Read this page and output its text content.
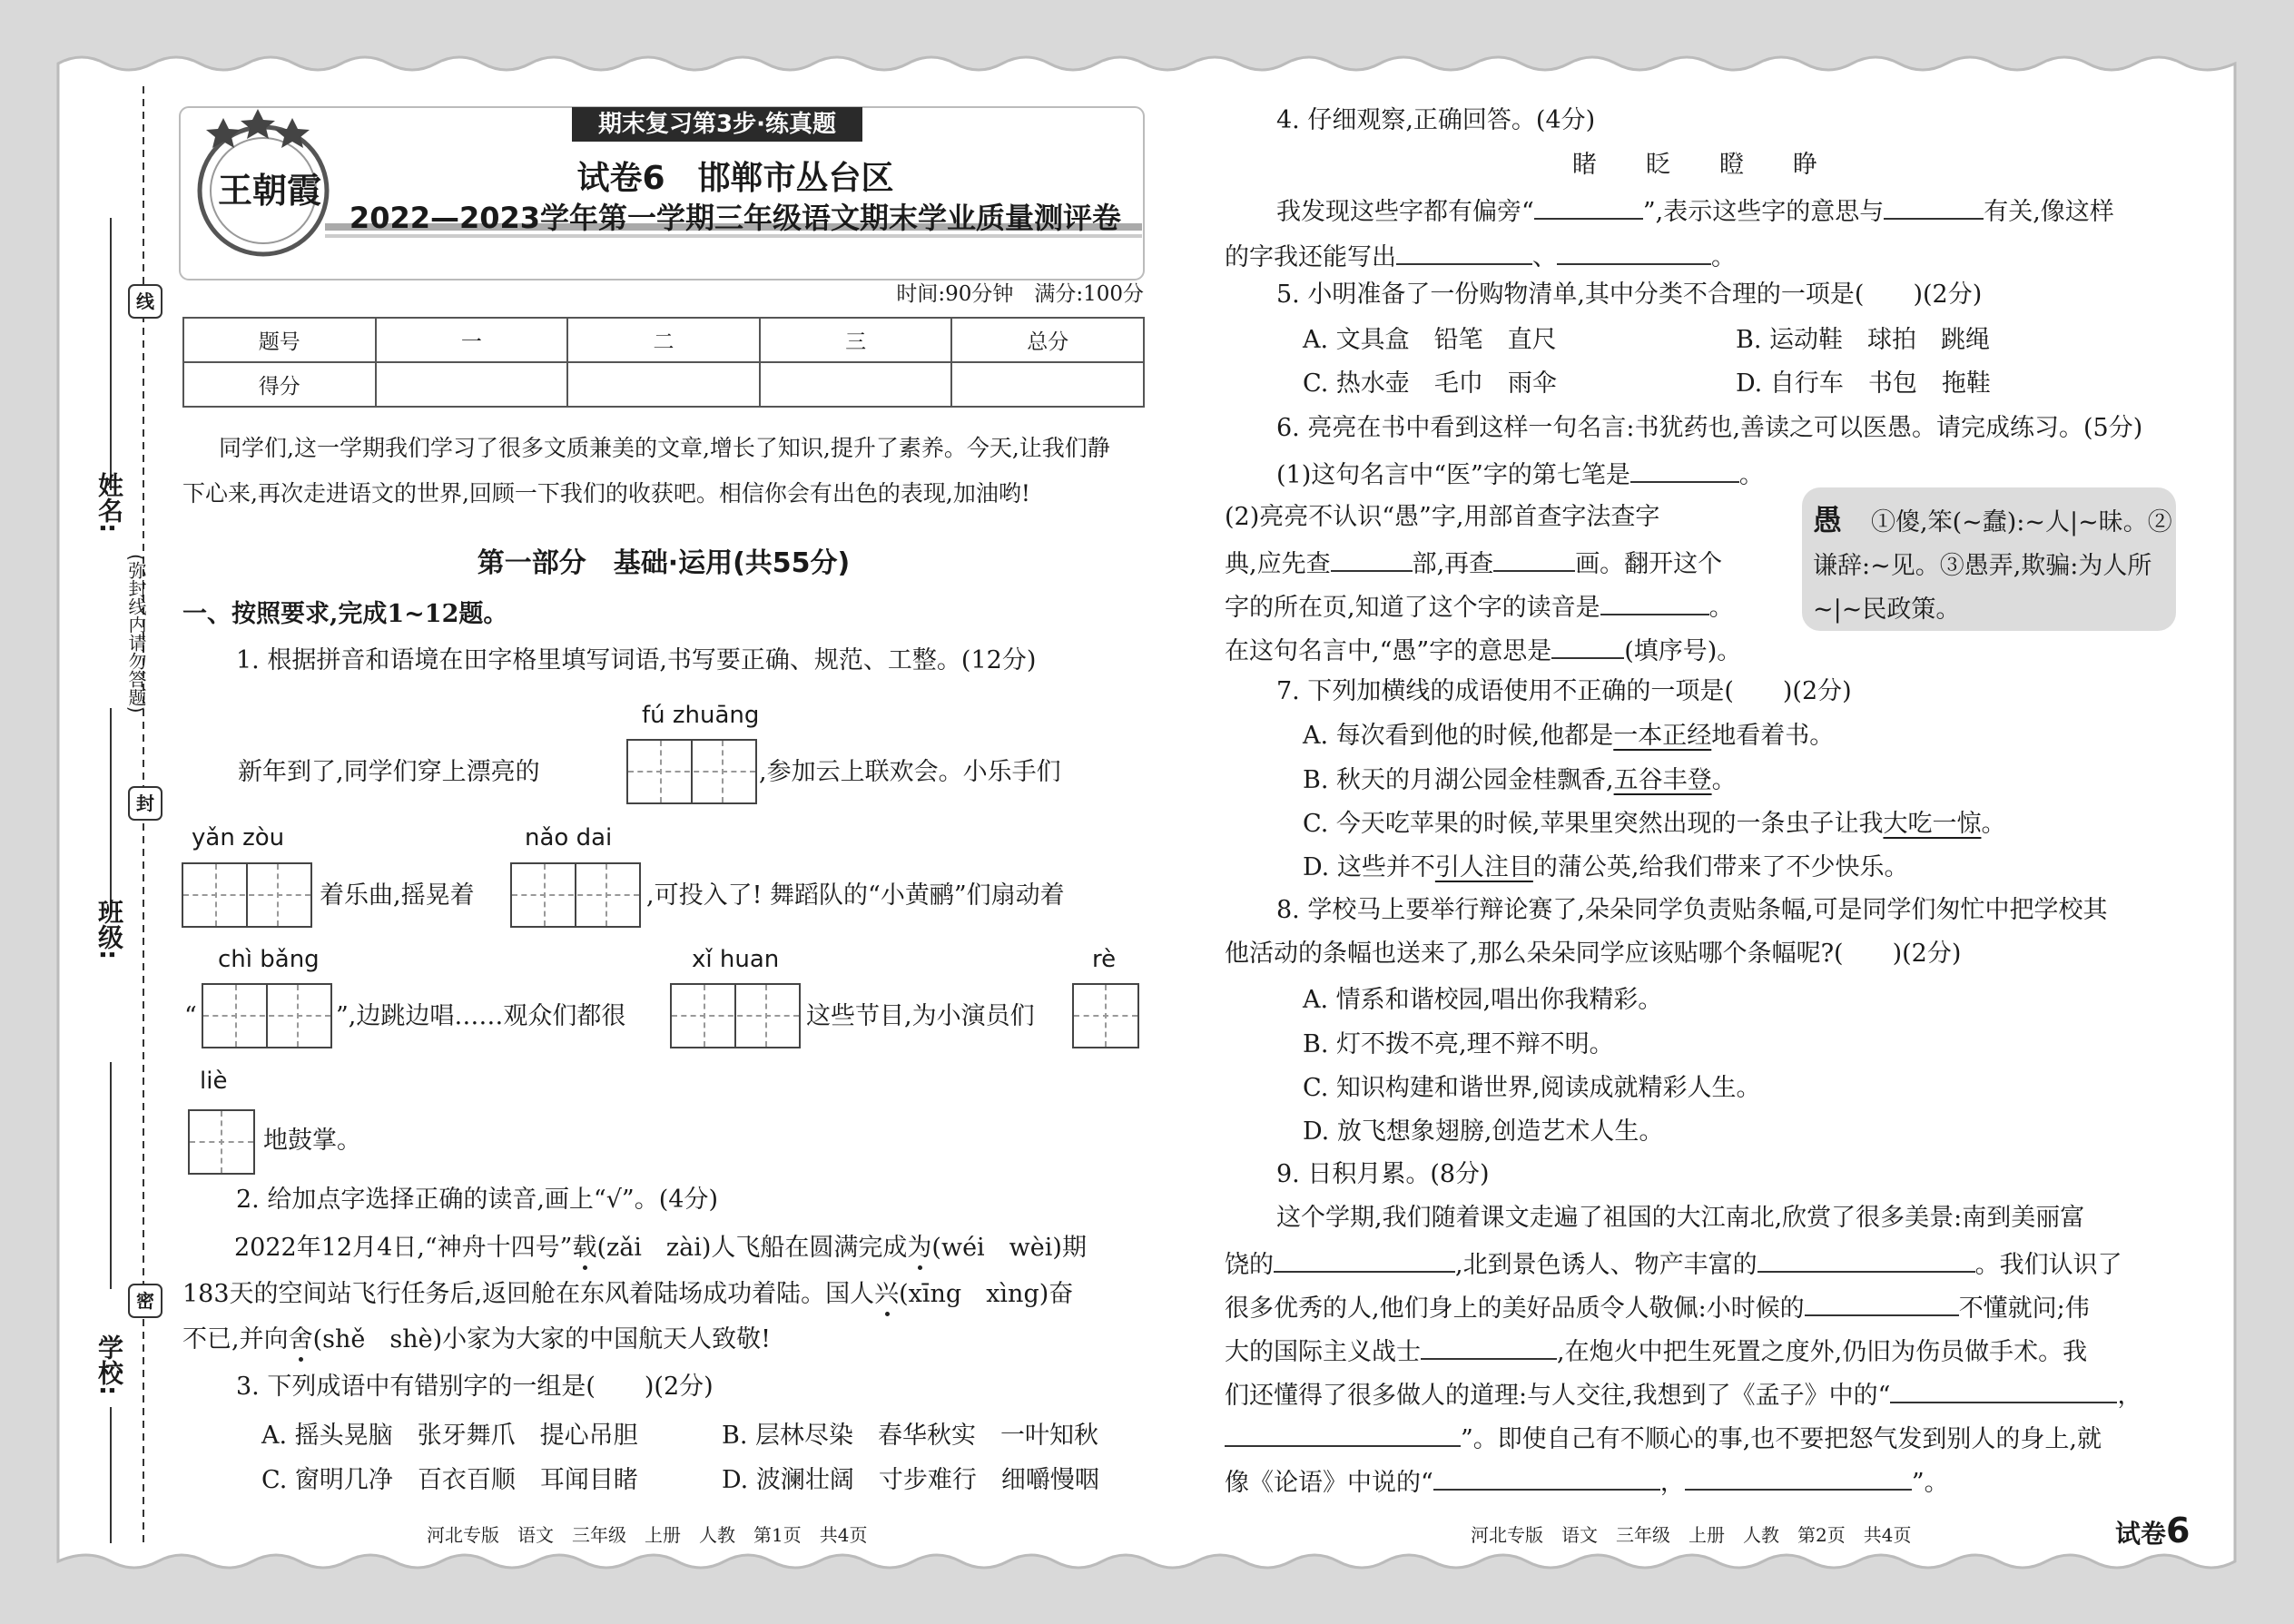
期末复习第3步·练真题
王朝霞	试卷6　邯郸市丛台区
2022—2023学年第一学期三年级语文期末学业质量测评卷
时间:90分钟　满分:100分
题号	一	二	三	总分
得分				
同学们,这一学期我们学习了很多文质兼美的文章,增长了知识,提升了素养。今天,让我们静
下心来,再次走进语文的世界,回顾一下我们的收获吧。相信你会有出色的表现,加油哟!
第一部分　基础·运用(共55分)
一、按照要求,完成1~12题。
1. 根据拼音和语境在田字格里填写词语,书写要正确、规范、工整。(12分)
fú zhuāng
新年到了,同学们穿上漂亮的	,参加云上联欢会。小乐手们
yǎn zòu	nǎo dai
着乐曲,摇晃着	,可投入了! 舞蹈队的“小黄鹂”们扇动着
chì bǎng	xǐ huan	rè
“	”,边跳边唱……观众们都很	这些节目,为小演员们
liè
地鼓掌。
2. 给加点字选择正确的读音,画上“√”。(4分)
2022年12月4日,“神舟十四号”载(zǎi　zài)人飞船在圆满完成为(wéi　wèi)期
183天的空间站飞行任务后,返回舱在东风着陆场成功着陆。国人兴(xīng　xìng)奋
不已,并向舍(shě　shè)小家为大家的中国航天人致敬!
3. 下列成语中有错别字的一组是(　　)(2分)
A. 摇头晃脑　张牙舞爪　提心吊胆	B. 层林尽染　春华秋实　一叶知秋
C. 窗明几净　百衣百顺　耳闻目睹	D. 波澜壮阔　寸步难行　细嚼慢咽
河北专版　语文　三年级　上册　人教　第1页　共4页
姓名:
班级:
学校:
(弥封线内请勿答题)
线
封
密
4. 仔细观察,正确回答。(4分)
睹　　眨　　瞪　　睁
我发现这些字都有偏旁“	”,表示这些字的意思与	有关,像这样
的字我还能写出	、	。
5. 小明准备了一份购物清单,其中分类不合理的一项是(　　)(2分)
A. 文具盒　铅笔　直尺	B. 运动鞋　球拍　跳绳
C. 热水壶　毛巾　雨伞	D. 自行车　书包　拖鞋
6. 亮亮在书中看到这样一句名言:书犹药也,善读之可以医愚。请完成练习。(5分)
(1)这句名言中“医”字的第七笔是	。
愚　①傻,笨(~蠢):~人|~昧。②谦辞:~见。③愚弄,欺骗:为人所~|~民政策。
(2)亮亮不认识“愚”字,用部首查字法查字
典,应先查	部,再查	画。翻开这个
字的所在页,知道了这个字的读音是	。
在这句名言中,“愚”字的意思是	(填序号)。
7. 下列加横线的成语使用不正确的一项是(　　)(2分)
A. 每次看到他的时候,他都是一本正经地看着书。
B. 秋天的月湖公园金桂飘香,五谷丰登。
C. 今天吃苹果的时候,苹果里突然出现的一条虫子让我大吃一惊。
D. 这些并不引人注目的蒲公英,给我们带来了不少快乐。
8. 学校马上要举行辩论赛了,朵朵同学负责贴条幅,可是同学们匆忙中把学校其
他活动的条幅也送来了,那么朵朵同学应该贴哪个条幅呢?(　　)(2分)
A. 情系和谐校园,唱出你我精彩。
B. 灯不拨不亮,理不辩不明。
C. 知识构建和谐世界,阅读成就精彩人生。
D. 放飞想象翅膀,创造艺术人生。
9. 日积月累。(8分)
这个学期,我们随着课文走遍了祖国的大江南北,欣赏了很多美景:南到美丽富
饶的	,北到景色诱人、物产丰富的	。我们认识了
很多优秀的人,他们身上的美好品质令人敬佩:小时候的	不懂就问;伟
大的国际主义战士	,在炮火中把生死置之度外,仍旧为伤员做手术。我
们还懂得了很多做人的道理:与人交往,我想到了《孟子》中的“	，
”。即使自己有不顺心的事,也不要把怒气发到别人的身上,就
像《论语》中说的“	，	”。
河北专版　语文　三年级　上册　人教　第2页　共4页	试卷6
